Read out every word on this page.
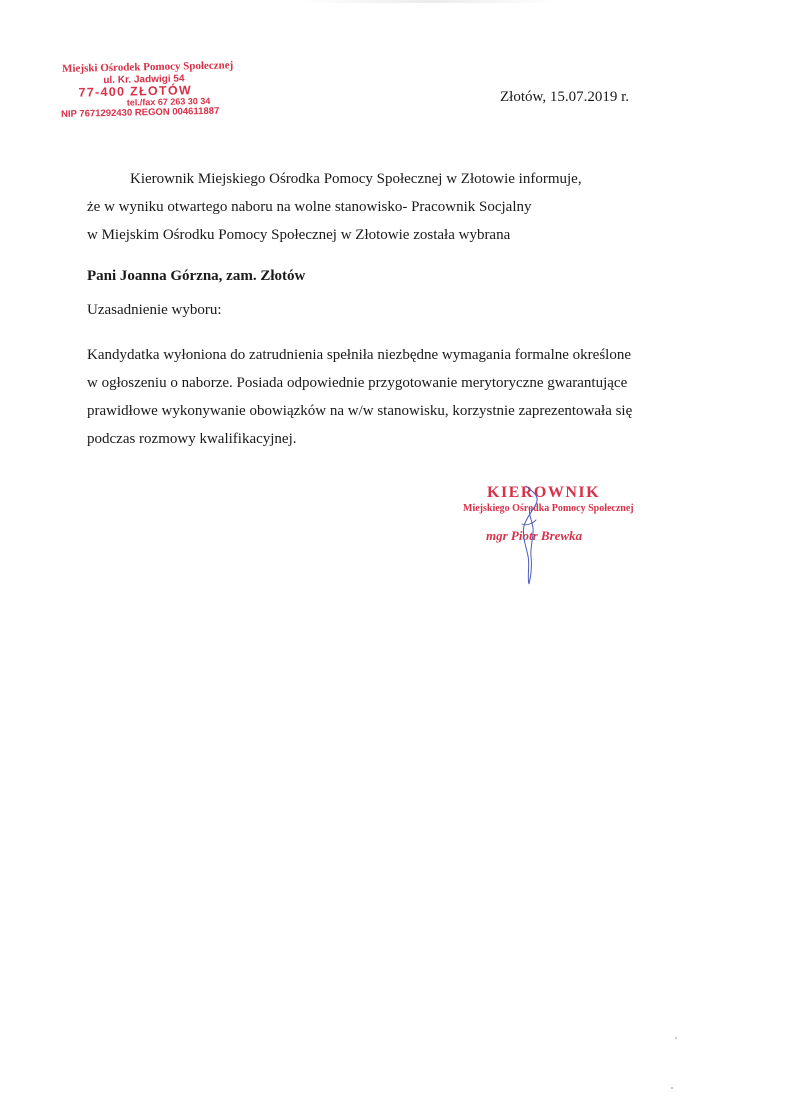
Miejski Ośrodek Pomocy Społecznej
ul. Kr. Jadwigi 54
77-400 ZŁOTÓW
tel./fax 67 263 30 34
NIP 7671292430 REGON 004611887
Złotów, 15.07.2019 r.
Kierownik Miejskiego Ośrodka Pomocy Społecznej w Złotowie informuje,
że w wyniku otwartego naboru na wolne stanowisko- Pracownik Socjalny
w Miejskim Ośrodku Pomocy Społecznej w Złotowie została wybrana
Pani Joanna Górzna, zam. Złotów
Uzasadnienie wyboru:
Kandydatka wyłoniona do zatrudnienia spełniła niezbędne wymagania formalne określone
w ogłoszeniu o naborze. Posiada odpowiednie przygotowanie merytoryczne gwarantujące
prawidłowe wykonywanie obowiązków na w/w stanowisku, korzystnie zaprezentowała się
podczas rozmowy kwalifikacyjnej.
KIEROWNIK
Miejskiego Ośrodka Pomocy Społecznej
mgr Piotr Brewka
